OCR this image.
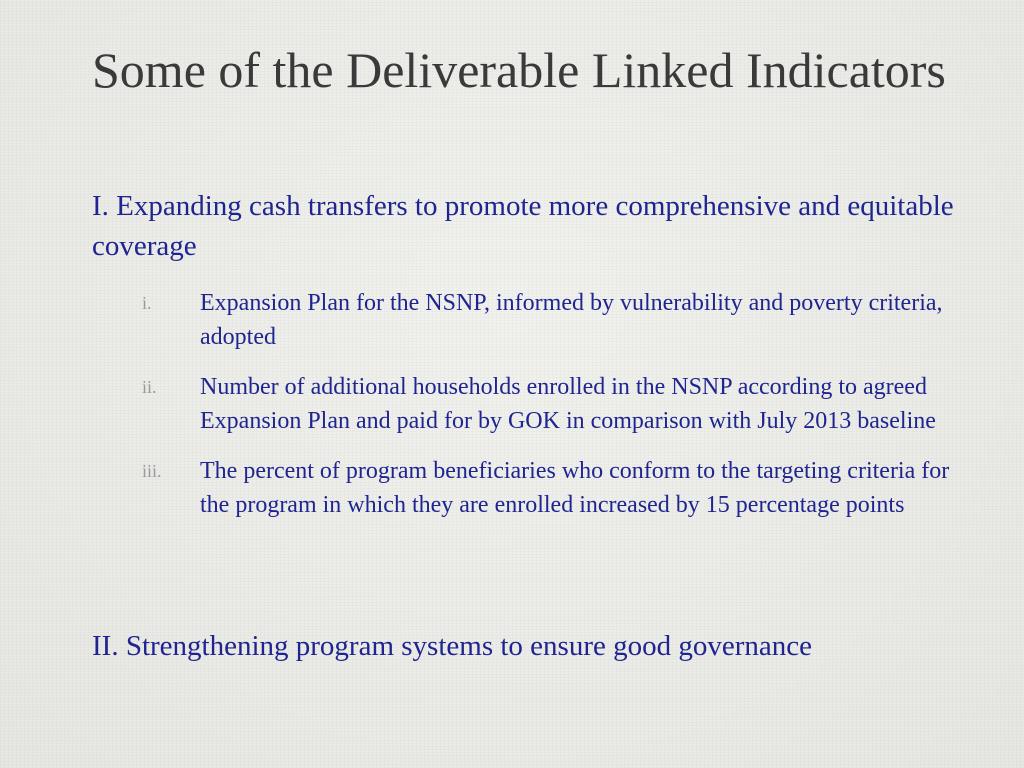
Some of the Deliverable Linked Indicators

I. Expanding cash transfers to promote more comprehensive and equitable coverage

i. Expansion Plan for the NSNP, informed by vulnerability and poverty criteria, adopted
ii. Number of additional households enrolled in the NSNP according to agreed Expansion Plan and paid for by GOK in comparison with July 2013 baseline
iii. The percent of program beneficiaries who conform to the targeting criteria for the program in which they are enrolled increased by 15 percentage points

II. Strengthening program systems to ensure good governance
